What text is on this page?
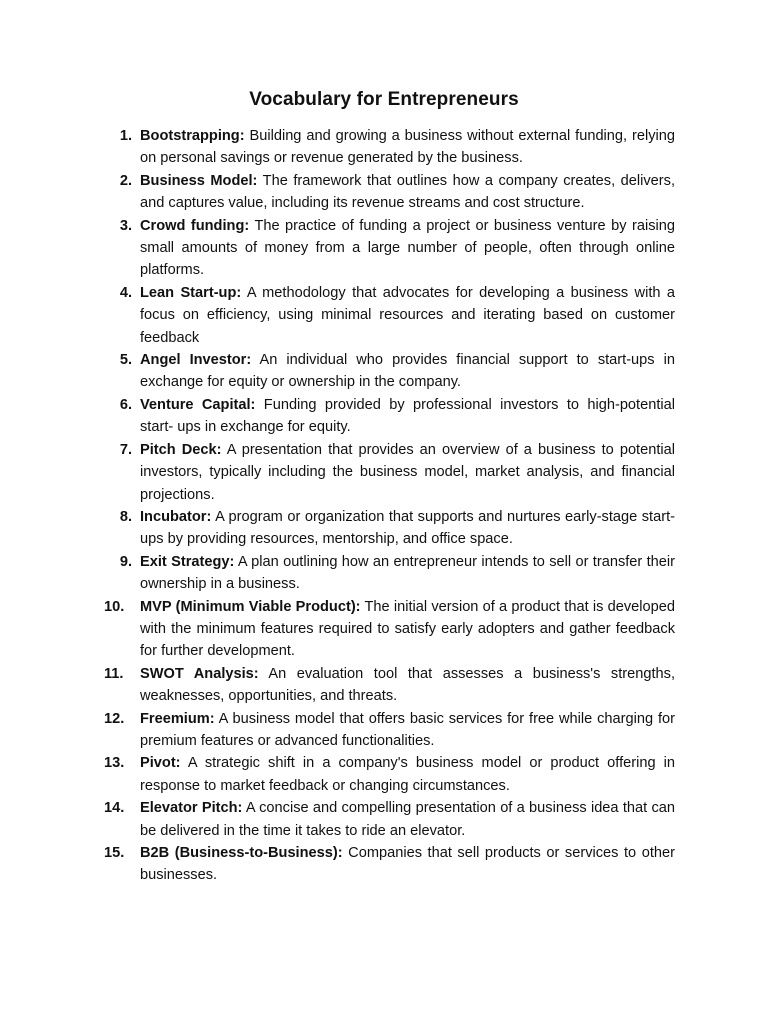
Vocabulary for Entrepreneurs
1. Bootstrapping: Building and growing a business without external funding, relying on personal savings or revenue generated by the business.
2. Business Model: The framework that outlines how a company creates, delivers, and captures value, including its revenue streams and cost structure.
3. Crowd funding: The practice of funding a project or business venture by raising small amounts of money from a large number of people, often through online platforms.
4. Lean Start-up: A methodology that advocates for developing a business with a focus on efficiency, using minimal resources and iterating based on customer feedback
5. Angel Investor: An individual who provides financial support to start-ups in exchange for equity or ownership in the company.
6. Venture Capital: Funding provided by professional investors to high-potential start- ups in exchange for equity.
7. Pitch Deck: A presentation that provides an overview of a business to potential investors, typically including the business model, market analysis, and financial projections.
8. Incubator: A program or organization that supports and nurtures early-stage start-ups by providing resources, mentorship, and office space.
9. Exit Strategy: A plan outlining how an entrepreneur intends to sell or transfer their ownership in a business.
10.	MVP (Minimum Viable Product): The initial version of a product that is developed with the minimum features required to satisfy early adopters and gather feedback for further development.
11.	SWOT Analysis: An evaluation tool that assesses a business's strengths, weaknesses, opportunities, and threats.
12.	Freemium: A business model that offers basic services for free while charging for premium features or advanced functionalities.
13.	Pivot: A strategic shift in a company's business model or product offering in response to market feedback or changing circumstances.
14.	Elevator Pitch: A concise and compelling presentation of a business idea that can be delivered in the time it takes to ride an elevator.
15.	B2B (Business-to-Business): Companies that sell products or services to other businesses.
